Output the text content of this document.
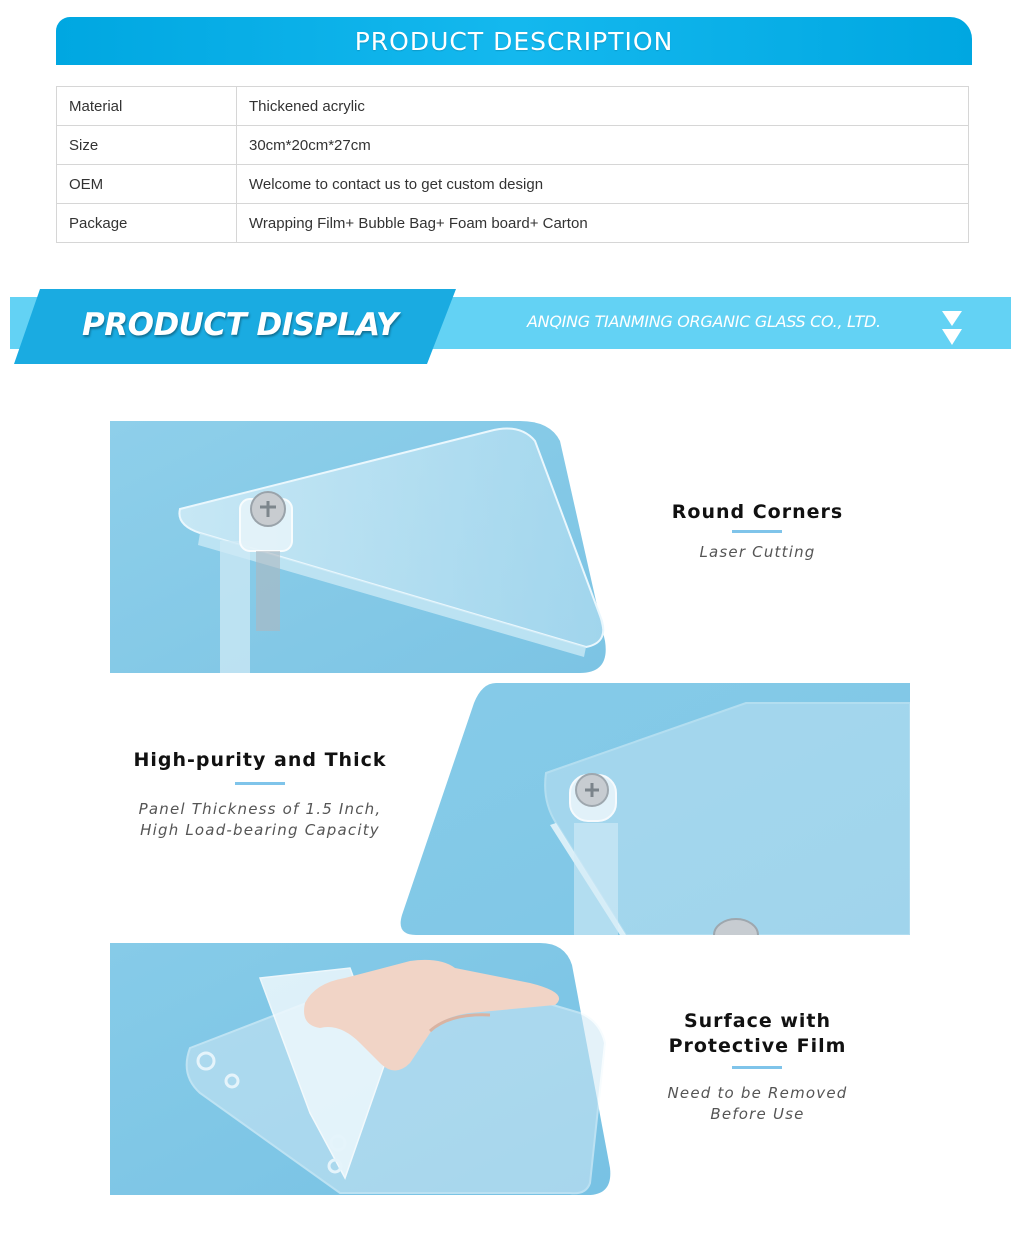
PRODUCT DESCRIPTION
Material	Thickened acrylic
Size	30cm*20cm*27cm
OEM	Welcome to contact us to get custom design
Package	Wrapping Film+ Bubble Bag+ Foam board+ Carton
PRODUCT DISPLAY	ANQING TIANMING ORGANIC GLASS CO., LTD.
Round Corners
Laser Cutting
High-purity and Thick
Panel Thickness of 1.5 Inch,
High Load-bearing Capacity
Surface with
Protective Film
Need to be Removed
Before Use
